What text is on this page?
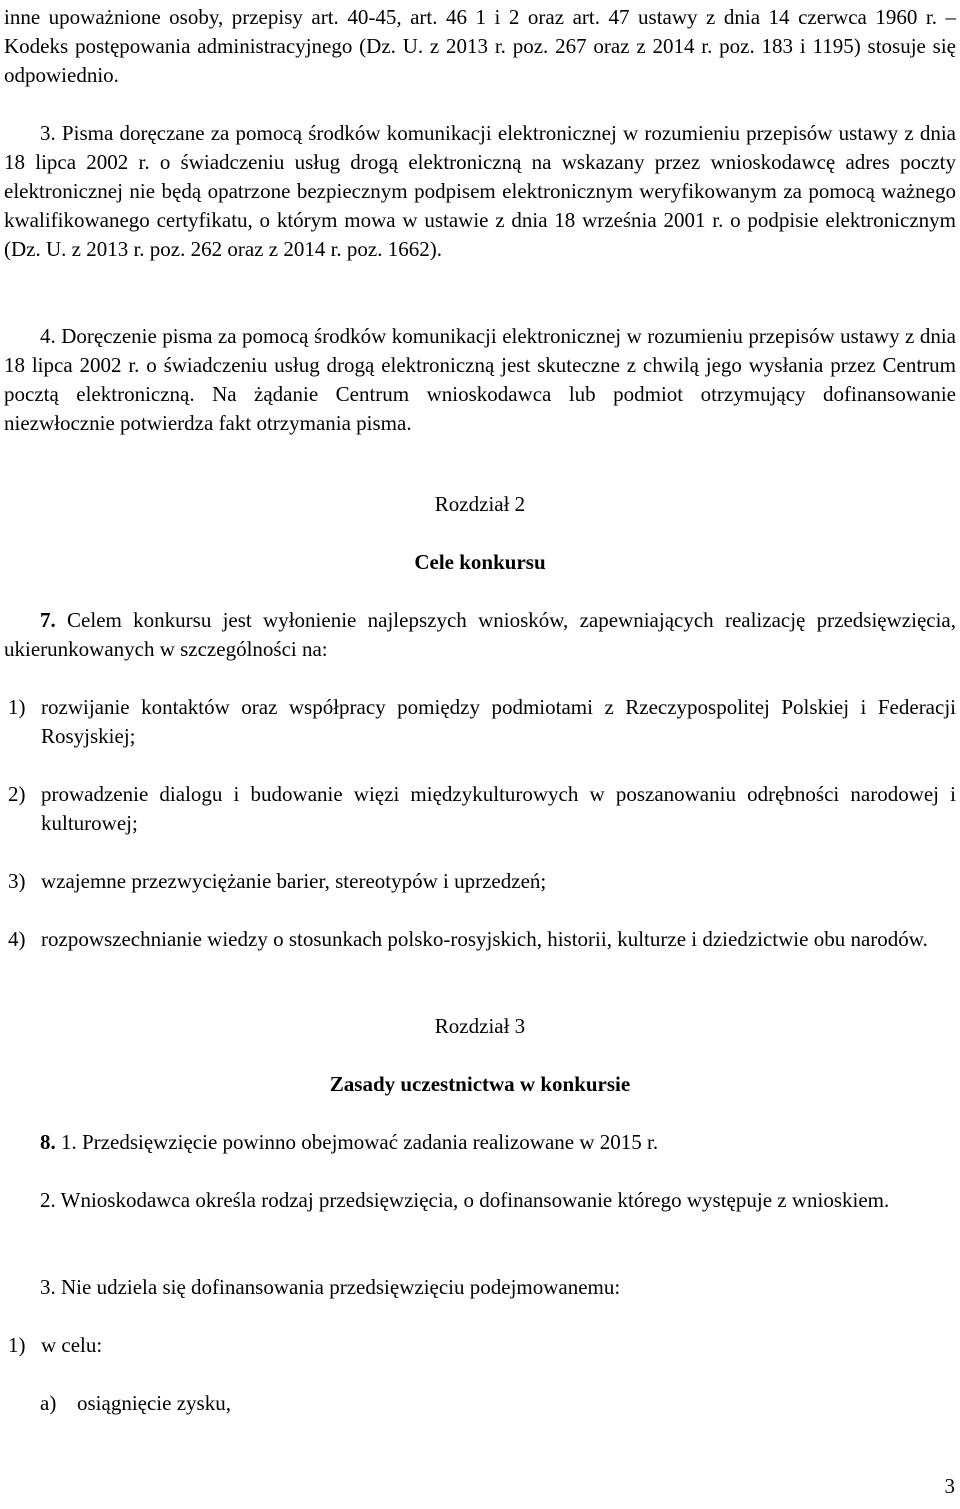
inne upoważnione osoby, przepisy art. 40-45, art. 46 1 i 2 oraz art. 47 ustawy z dnia 14 czerwca 1960 r. – Kodeks postępowania administracyjnego (Dz. U. z 2013 r. poz. 267 oraz z 2014 r. poz. 183 i 1195) stosuje się odpowiednio.

3. Pisma doręczane za pomocą środków komunikacji elektronicznej w rozumieniu przepisów ustawy z dnia 18 lipca 2002 r. o świadczeniu usług drogą elektroniczną na wskazany przez wnioskodawcę adres poczty elektronicznej nie będą opatrzone bezpiecznym podpisem elektronicznym weryfikowanym za pomocą ważnego kwalifikowanego certyfikatu, o którym mowa w ustawie z dnia 18 września 2001 r. o podpisie elektronicznym (Dz. U. z 2013 r. poz. 262 oraz z 2014 r. poz. 1662).

4. Doręczenie pisma za pomocą środków komunikacji elektronicznej w rozumieniu przepisów ustawy z dnia 18 lipca 2002 r. o świadczeniu usług drogą elektroniczną jest skuteczne z chwilą jego wysłania przez Centrum pocztą elektroniczną. Na żądanie Centrum wnioskodawca lub podmiot otrzymujący dofinansowanie niezwłocznie potwierdza fakt otrzymania pisma.

Rozdział 2

Cele konkursu

7. Celem konkursu jest wyłonienie najlepszych wniosków, zapewniających realizację przedsięwzięcia, ukierunkowanych w szczególności na:

1) rozwijanie kontaktów oraz współpracy pomiędzy podmiotami z Rzeczypospolitej Polskiej i Federacji Rosyjskiej;
2) prowadzenie dialogu i budowanie więzi międzykulturowych w poszanowaniu odrębności narodowej i kulturowej;
3) wzajemne przezwyciężanie barier, stereotypów i uprzedzeń;
4) rozpowszechnianie wiedzy o stosunkach polsko-rosyjskich, historii, kulturze i dziedzictwie obu narodów.

Rozdział 3

Zasady uczestnictwa w konkursie

8. 1. Przedsięwzięcie powinno obejmować zadania realizowane w 2015 r.

2. Wnioskodawca określa rodzaj przedsięwzięcia, o dofinansowanie którego występuje z wnioskiem.

3. Nie udziela się dofinansowania przedsięwzięciu podejmowanemu:

1) w celu:

a) osiągnięcie zysku,

3
